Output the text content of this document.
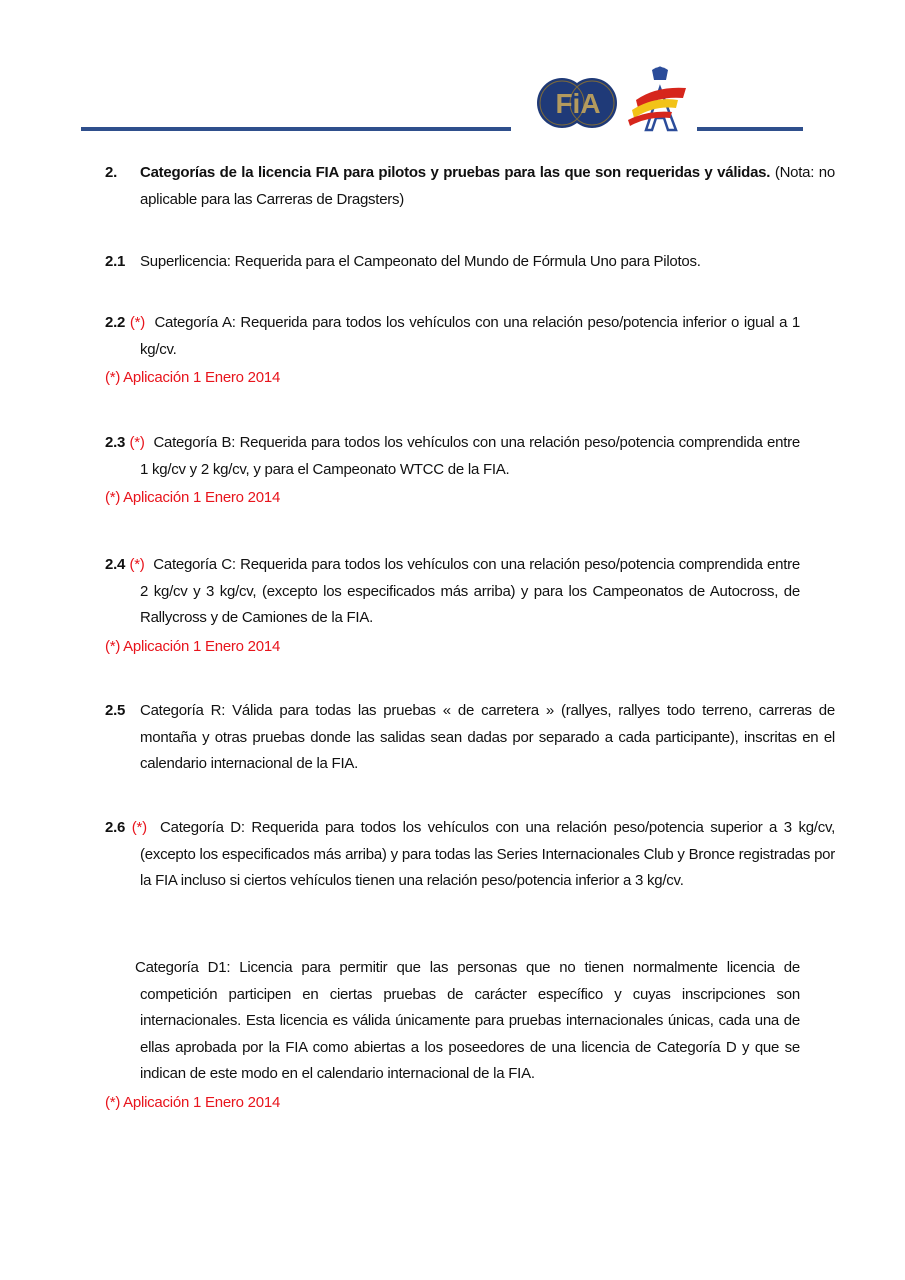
FiA
2. Categorías de la licencia FIA para pilotos y pruebas para las que son requeridas y válidas. (Nota: no aplicable para las Carreras de Dragsters)
2.1 Superlicencia: Requerida para el Campeonato del Mundo de Fórmula Uno para Pilotos.
2.2 (*) Categoría A: Requerida para todos los vehículos con una relación peso/potencia inferior o igual a 1 kg/cv.
(*) Aplicación 1 Enero 2014
2.3 (*) Categoría B: Requerida para todos los vehículos con una relación peso/potencia comprendida entre 1 kg/cv y 2 kg/cv, y para el Campeonato WTCC de la FIA.
(*) Aplicación 1 Enero 2014
2.4 (*) Categoría C: Requerida para todos los vehículos con una relación peso/potencia comprendida entre 2 kg/cv y 3 kg/cv, (excepto los especificados más arriba) y para los Campeonatos de Autocross, de Rallycross y de Camiones de la FIA.
(*) Aplicación 1 Enero 2014
2.5 Categoría R: Válida para todas las pruebas « de carretera » (rallyes, rallyes todo terreno, carreras de montaña y otras pruebas donde las salidas sean dadas por separado a cada participante), inscritas en el calendario internacional de la FIA.
2.6 (*) Categoría D: Requerida para todos los vehículos con una relación peso/potencia superior a 3 kg/cv, (excepto los especificados más arriba) y para todas las Series Internacionales Club y Bronce registradas por la FIA incluso si ciertos vehículos tienen una relación peso/potencia inferior a 3 kg/cv.
Categoría D1: Licencia para permitir que las personas que no tienen normalmente licencia de competición participen en ciertas pruebas de carácter específico y cuyas inscripciones son internacionales. Esta licencia es válida únicamente para pruebas internacionales únicas, cada una de ellas aprobada por la FIA como abiertas a los poseedores de una licencia de Categoría D y que se indican de este modo en el calendario internacional de la FIA.
(*) Aplicación 1 Enero 2014
